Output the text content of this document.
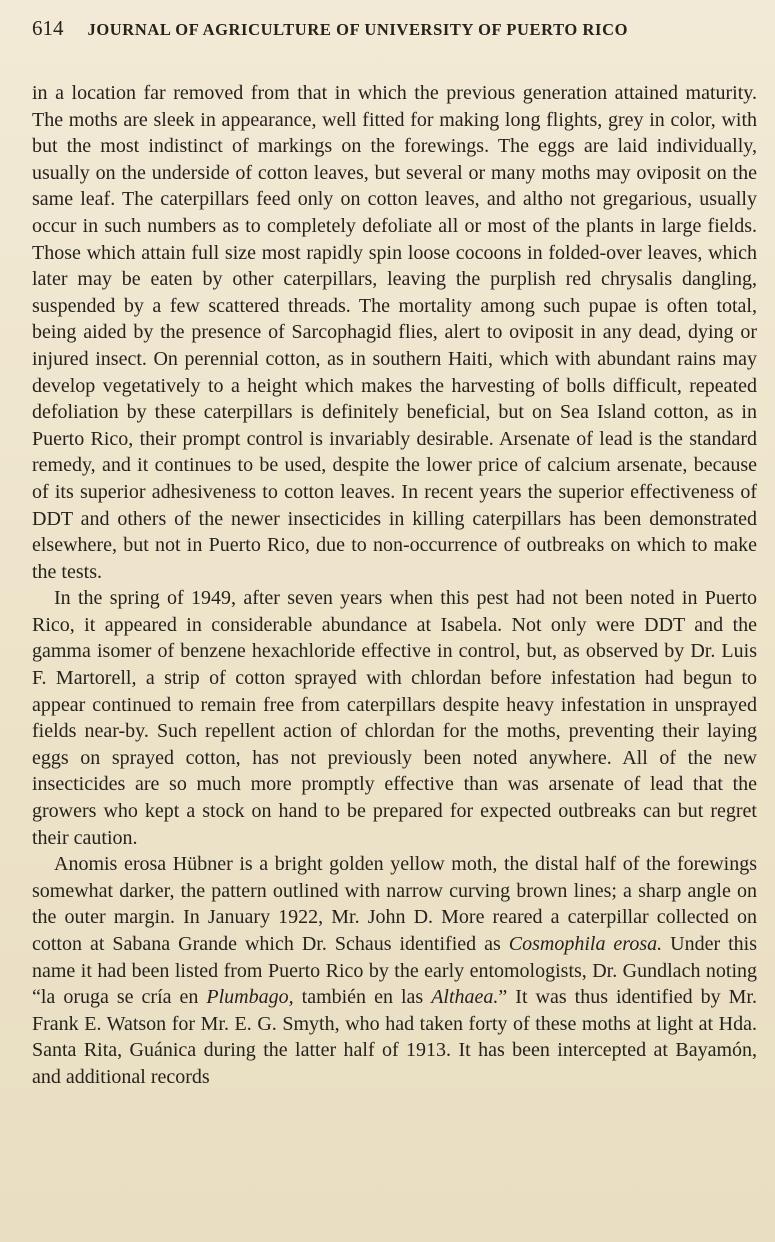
614 JOURNAL OF AGRICULTURE OF UNIVERSITY OF PUERTO RICO

in a location far removed from that in which the previous generation attained maturity. The moths are sleek in appearance, well fitted for making long flights, grey in color, with but the most indistinct of markings on the forewings. The eggs are laid individually, usually on the underside of cotton leaves, but several or many moths may oviposit on the same leaf. The caterpillars feed only on cotton leaves, and altho not gregarious, usually occur in such numbers as to completely defoliate all or most of the plants in large fields. Those which attain full size most rapidly spin loose cocoons in folded-over leaves, which later may be eaten by other caterpillars, leaving the purplish red chrysalis dangling, suspended by a few scattered threads. The mortality among such pupae is often total, being aided by the presence of Sarcophagid flies, alert to oviposit in any dead, dying or injured insect. On perennial cotton, as in southern Haiti, which with abundant rains may develop vegetatively to a height which makes the harvesting of bolls difficult, repeated defoliation by these caterpillars is definitely beneficial, but on Sea Island cotton, as in Puerto Rico, their prompt control is invariably desirable. Arsenate of lead is the standard remedy, and it continues to be used, despite the lower price of calcium arsenate, because of its superior adhesiveness to cotton leaves. In recent years the superior effectiveness of DDT and others of the newer insecticides in killing caterpillars has been demonstrated elsewhere, but not in Puerto Rico, due to non-occurrence of outbreaks on which to make the tests.

In the spring of 1949, after seven years when this pest had not been noted in Puerto Rico, it appeared in considerable abundance at Isabela. Not only were DDT and the gamma isomer of benzene hexachloride effective in control, but, as observed by Dr. Luis F. Martorell, a strip of cotton sprayed with chlordan before infestation had begun to appear continued to remain free from caterpillars despite heavy infestation in unsprayed fields near-by. Such repellent action of chlordan for the moths, preventing their laying eggs on sprayed cotton, has not previously been noted anywhere. All of the new insecticides are so much more promptly effective than was arsenate of lead that the growers who kept a stock on hand to be prepared for expected outbreaks can but regret their caution.

Anomis erosa Hübner is a bright golden yellow moth, the distal half of the forewings somewhat darker, the pattern outlined with narrow curving brown lines; a sharp angle on the outer margin. In January 1922, Mr. John D. More reared a caterpillar collected on cotton at Sabana Grande which Dr. Schaus identified as Cosmophila erosa. Under this name it had been listed from Puerto Rico by the early entomologists, Dr. Gundlach noting “la oruga se cría en Plumbago, también en las Althaea.” It was thus identified by Mr. Frank E. Watson for Mr. E. G. Smyth, who had taken forty of these moths at light at Hda. Santa Rita, Guánica during the latter half of 1913. It has been intercepted at Bayamón, and additional records
